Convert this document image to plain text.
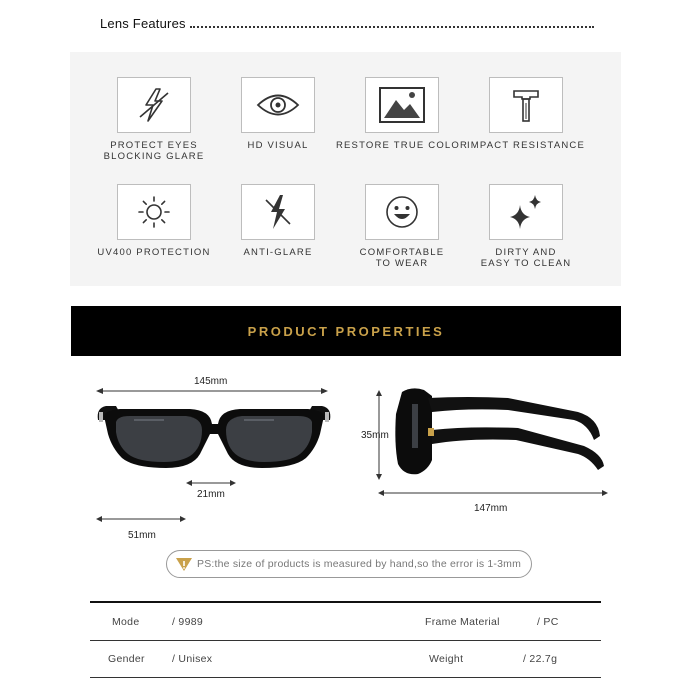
Lens Features
PROTECT EYES
BLOCKING GLARE
HD VISUAL	RESTORE TRUE COLOR
IMPACT RESISTANCE
UV400 PROTECTION	ANTI-GLARE	COMFORTABLE
TO WEAR
DIRTY AND
EASY TO CLEAN
PRODUCT PROPERTIES
145mm
21mm
51mm
35mm
147mm
PS:the size of products is measured by hand,so the error is 1-3mm
Mode	/ 9989	Frame Material	/ PC
Gender	/ Unisex	Weight	/ 22.7g
